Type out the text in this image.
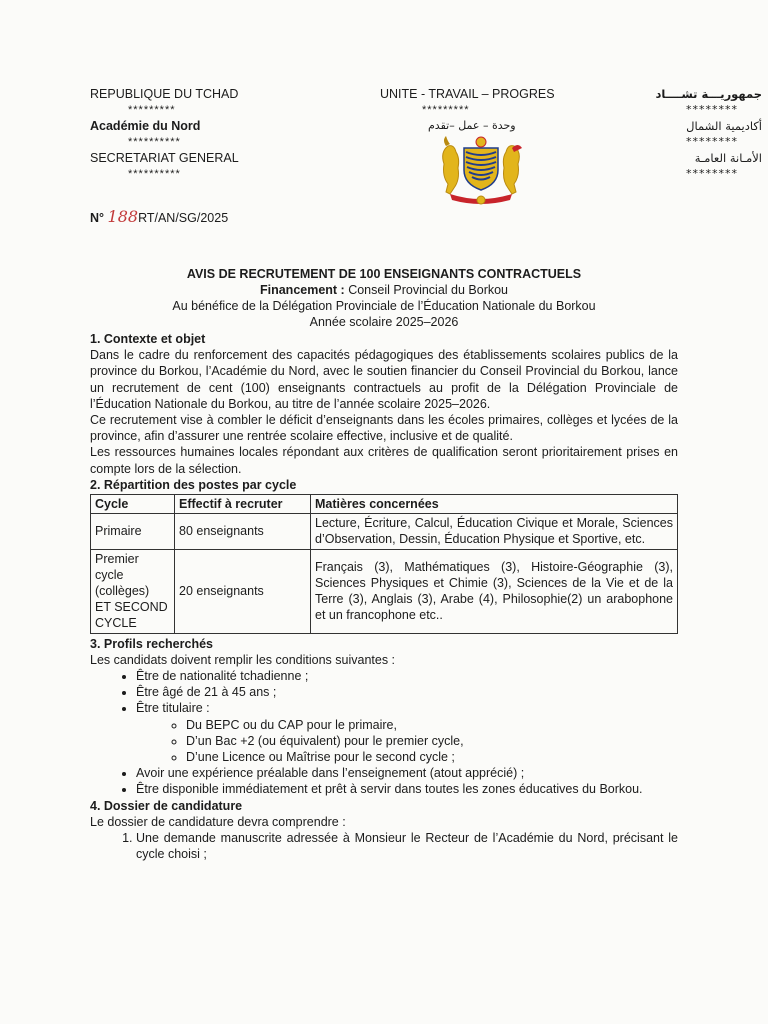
REPUBLIQUE DU TCHAD
*********
Académie du Nord
**********
SECRETARIAT GENERAL
**********
UNITE - TRAVAIL – PROGRES
*********
وحدة – عمل –تقدم
جمهوريـــة تشــــاد
********
أكاديمية الشمال
********
الأمـانة العامـة
********
N° 188RT/AN/SG/2025
AVIS DE RECRUTEMENT DE 100 ENSEIGNANTS CONTRACTUELS
Financement : Conseil Provincial du Borkou
Au bénéfice de la Délégation Provinciale de l’Éducation Nationale du Borkou
Année scolaire 2025–2026

1. Contexte et objet

Dans le cadre du renforcement des capacités pédagogiques des établissements scolaires publics de la province du Borkou, l’Académie du Nord, avec le soutien financier du Conseil Provincial du Borkou, lance un recrutement de cent (100) enseignants contractuels au profit de la Délégation Provinciale de l’Éducation Nationale du Borkou, au titre de l’année scolaire 2025–2026.

Ce recrutement vise à combler le déficit d’enseignants dans les écoles primaires, collèges et lycées de la province, afin d’assurer une rentrée scolaire effective, inclusive et de qualité.

Les ressources humaines locales répondant aux critères de qualification seront prioritairement prises en compte lors de la sélection.

2. Répartition des postes par cycle

Cycle	Effectif à recruter	Matières concernées
Primaire	80 enseignants	Lecture, Écriture, Calcul, Éducation Civique et Morale, Sciences d’Observation, Dessin, Éducation Physique et Sportive, etc.

Premier cycle (collèges)
ET SECOND CYCLE	20 enseignants	Français (3), Mathématiques (3), Histoire-Géographie (3), Sciences Physiques et Chimie (3), Sciences de la Vie et de la Terre (3), Anglais (3), Arabe (4), Philosophie(2) un arabophone et un francophone etc..

3. Profils recherchés

Les candidats doivent remplir les conditions suivantes :

• Être de nationalité tchadienne ;
• Être âgé de 21 à 45 ans ;
• Être titulaire :
◦ Du BEPC ou du CAP pour le primaire,
◦ D’un Bac +2 (ou équivalent) pour le premier cycle,
◦ D’une Licence ou Maîtrise pour le second cycle ;
• Avoir une expérience préalable dans l’enseignement (atout apprécié) ;
• Être disponible immédiatement et prêt à servir dans toutes les zones éducatives du Borkou.

4. Dossier de candidature

Le dossier de candidature devra comprendre :

1. Une demande manuscrite adressée à Monsieur le Recteur de l’Académie du Nord, précisant le cycle choisi ;
